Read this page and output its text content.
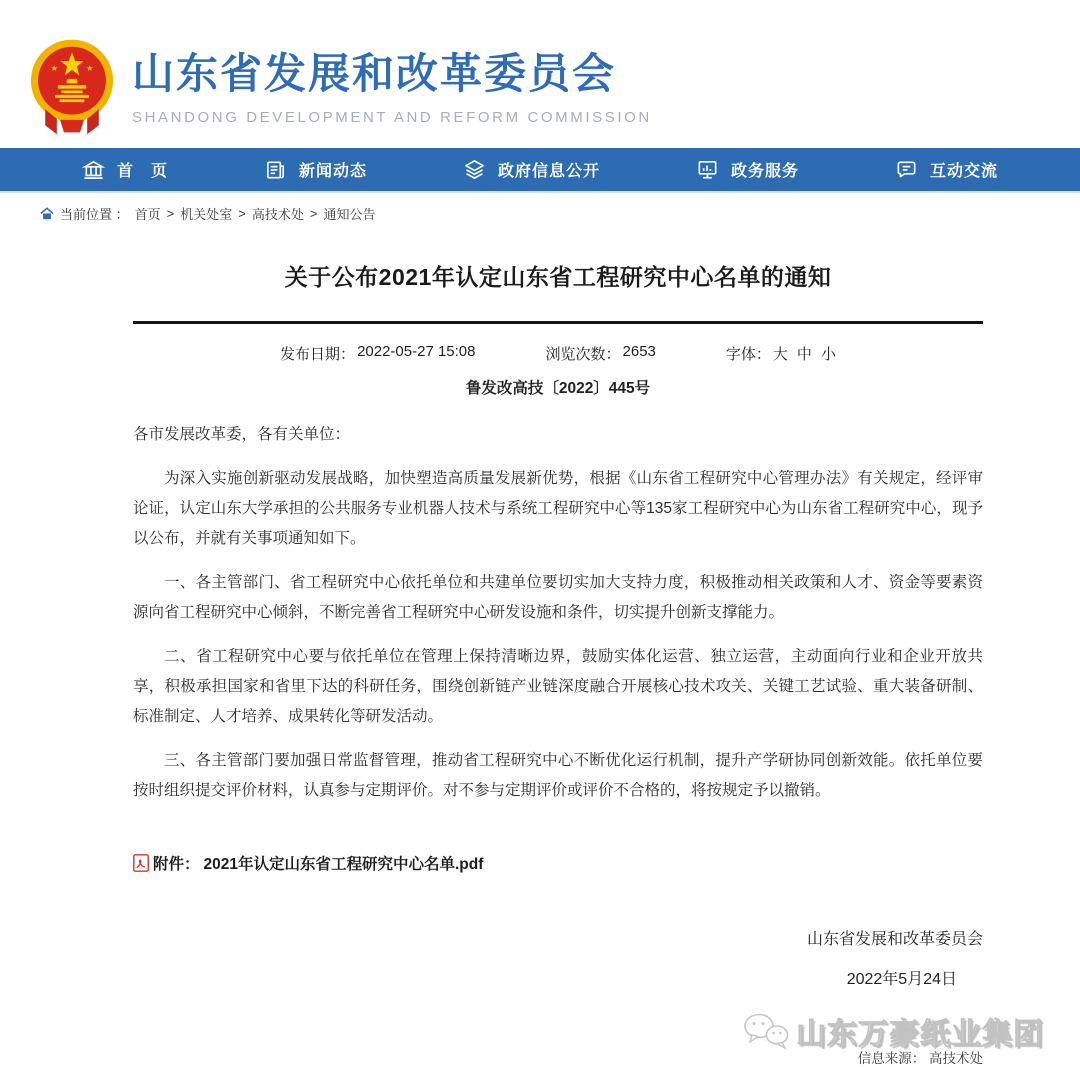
山东省发展和改革委员会
SHANDONG DEVELOPMENT AND REFORM COMMISSION
首　页	新闻动态	政府信息公开	政务服务	互动交流
当前位置 ： 首页 > 机关处室 > 高技术处 > 通知公告
关于公布2021年认定山东省工程研究中心名单的通知
发布日期： 2022-05-27 15:08	浏览次数： 2653	字体： 大 中 小
鲁发改高技〔2022〕445号

各市发展改革委，各有关单位：

为深入实施创新驱动发展战略，加快塑造高质量发展新优势，根据《山东省工程研究中心管理办法》有关规定，经评审论证，认定山东大学承担的公共服务专业机器人技术与系统工程研究中心等135家工程研究中心为山东省工程研究中心，现予以公布，并就有关事项通知如下。

一、各主管部门、省工程研究中心依托单位和共建单位要切实加大支持力度，积极推动相关政策和人才、资金等要素资源向省工程研究中心倾斜，不断完善省工程研究中心研发设施和条件，切实提升创新支撑能力。

二、省工程研究中心要与依托单位在管理上保持清晰边界，鼓励实体化运营、独立运营，主动面向行业和企业开放共享，积极承担国家和省里下达的科研任务，围绕创新链产业链深度融合开展核心技术攻关、关键工艺试验、重大装备研制、标准制定、人才培养、成果转化等研发活动。

三、各主管部门要加强日常监督管理，推动省工程研究中心不断优化运行机制，提升产学研协同创新效能。依托单位要按时组织提交评价材料，认真参与定期评价。对不参与定期评价或评价不合格的，将按规定予以撤销。

附件： 2021年认定山东省工程研究中心名单.pdf
山东省发展和改革委员会
2022年5月24日
信息来源： 高技术处
山东万豪纸业集团
